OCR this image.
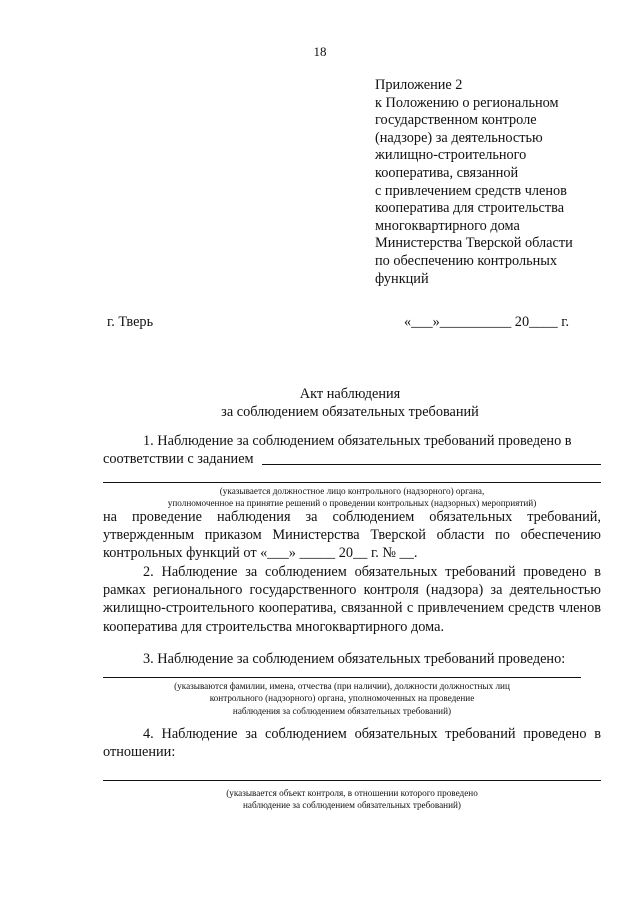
18
Приложение 2
к Положению о региональном
государственном контроле
(надзоре) за деятельностью
жилищно-строительного
кооператива, связанной
с привлечением средств членов
кооператива для строительства
многоквартирного дома
Министерства Тверской области
по обеспечению контрольных
функций
г. Тверь	«___»__________ 20____ г.
Акт наблюдения
за соблюдением обязательных требований
1. Наблюдение за соблюдением обязательных требований проведено в
соответствии с заданием
(указывается должностное лицо контрольного (надзорного) органа,
уполномоченное на принятие решений о проведении контрольных (надзорных) мероприятий)
на проведение наблюдения за соблюдением обязательных требований, утвержденным приказом Министерства Тверской области по обеспечению контрольных функций от «___» _____ 20__ г. № __.
2. Наблюдение за соблюдением обязательных требований проведено в рамках регионального государственного контроля (надзора) за деятельностью жилищно-строительного кооператива, связанной с привлечением средств членов кооператива для строительства многоквартирного дома.
3. Наблюдение за соблюдением обязательных требований проведено:
(указываются фамилии, имена, отчества (при наличии), должности должностных лиц
контрольного (надзорного) органа, уполномоченных на проведение
наблюдения за соблюдением обязательных требований)
4. Наблюдение за соблюдением обязательных требований проведено в отношении:
(указывается объект контроля, в отношении которого проведено
наблюдение за соблюдением обязательных требований)
